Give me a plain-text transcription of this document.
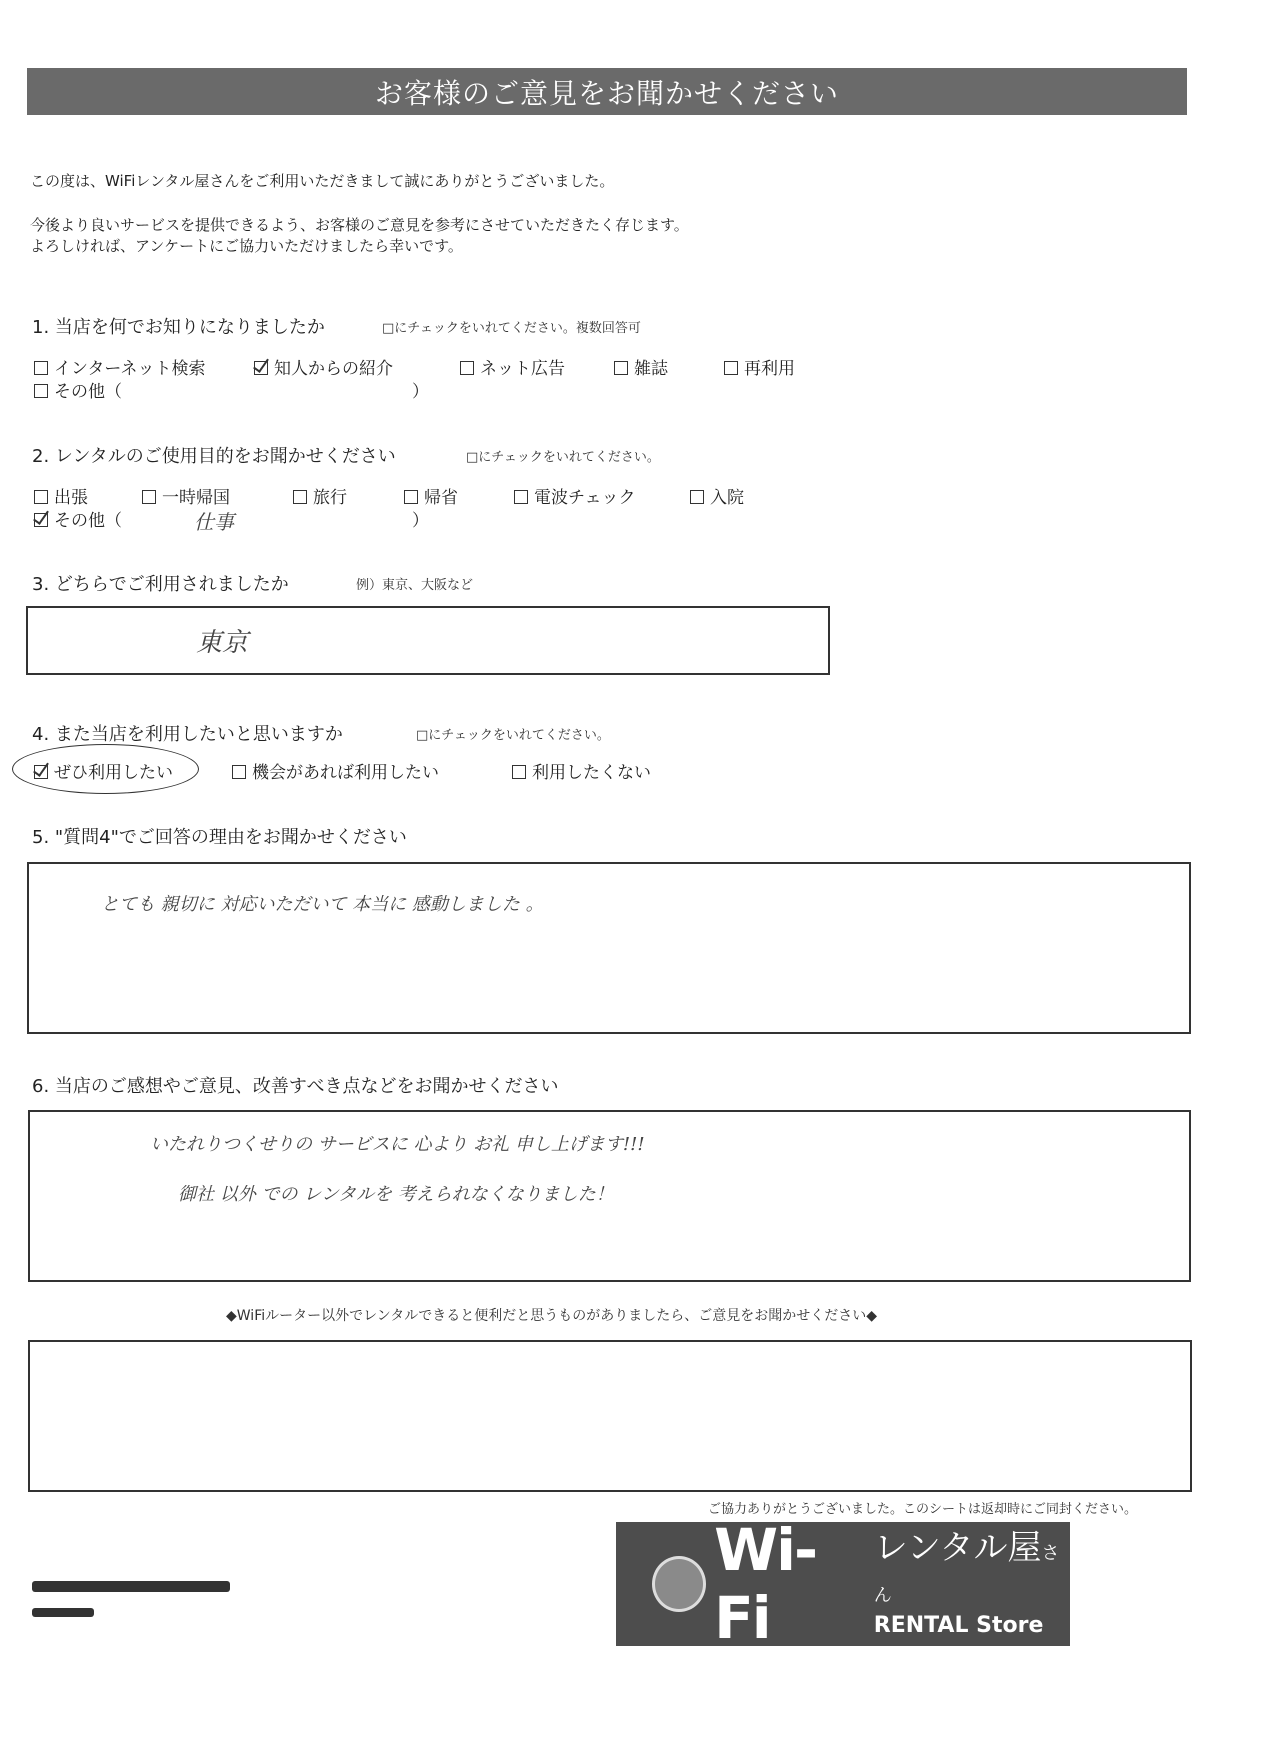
お客様のご意見をお聞かせください
この度は、WiFiレンタル屋さんをご利用いただきまして誠にありがとうございました。
今後より良いサービスを提供できるよう、お客様のご意見を参考にさせていただきたく存じます。
よろしければ、アンケートにご協力いただけましたら幸いです。
1. 当店を何でお知りになりましたか	□にチェックをいれてください。複数回答可
インターネット検索	知人からの紹介	ネット広告	雑誌	再利用
その他（	）
2. レンタルのご使用目的をお聞かせください	□にチェックをいれてください。
出張	一時帰国	旅行	帰省	電波チェック	入院
その他（	仕事	）
3. どちらでご利用されましたか	例）東京、大阪など
東京
4. また当店を利用したいと思いますか	□にチェックをいれてください。
ぜひ利用したい	機会があれば利用したい	利用したくない
5. "質問4"でご回答の理由をお聞かせください
とても 親切に 対応いただいて 本当に 感動しました 。
6. 当店のご感想やご意見、改善すべき点などをお聞かせください
いたれりつくせりの サービスに 心より お礼 申し上げます!!!
御社 以外 での レンタルを 考えられなくなりました！
◆WiFiルーター以外でレンタルできると便利だと思うものがありましたら、ご意見をお聞かせください◆
ご協力ありがとうございました。このシートは返却時にご同封ください。
Wi-Fi
レンタル屋さん
RENTAL Store
